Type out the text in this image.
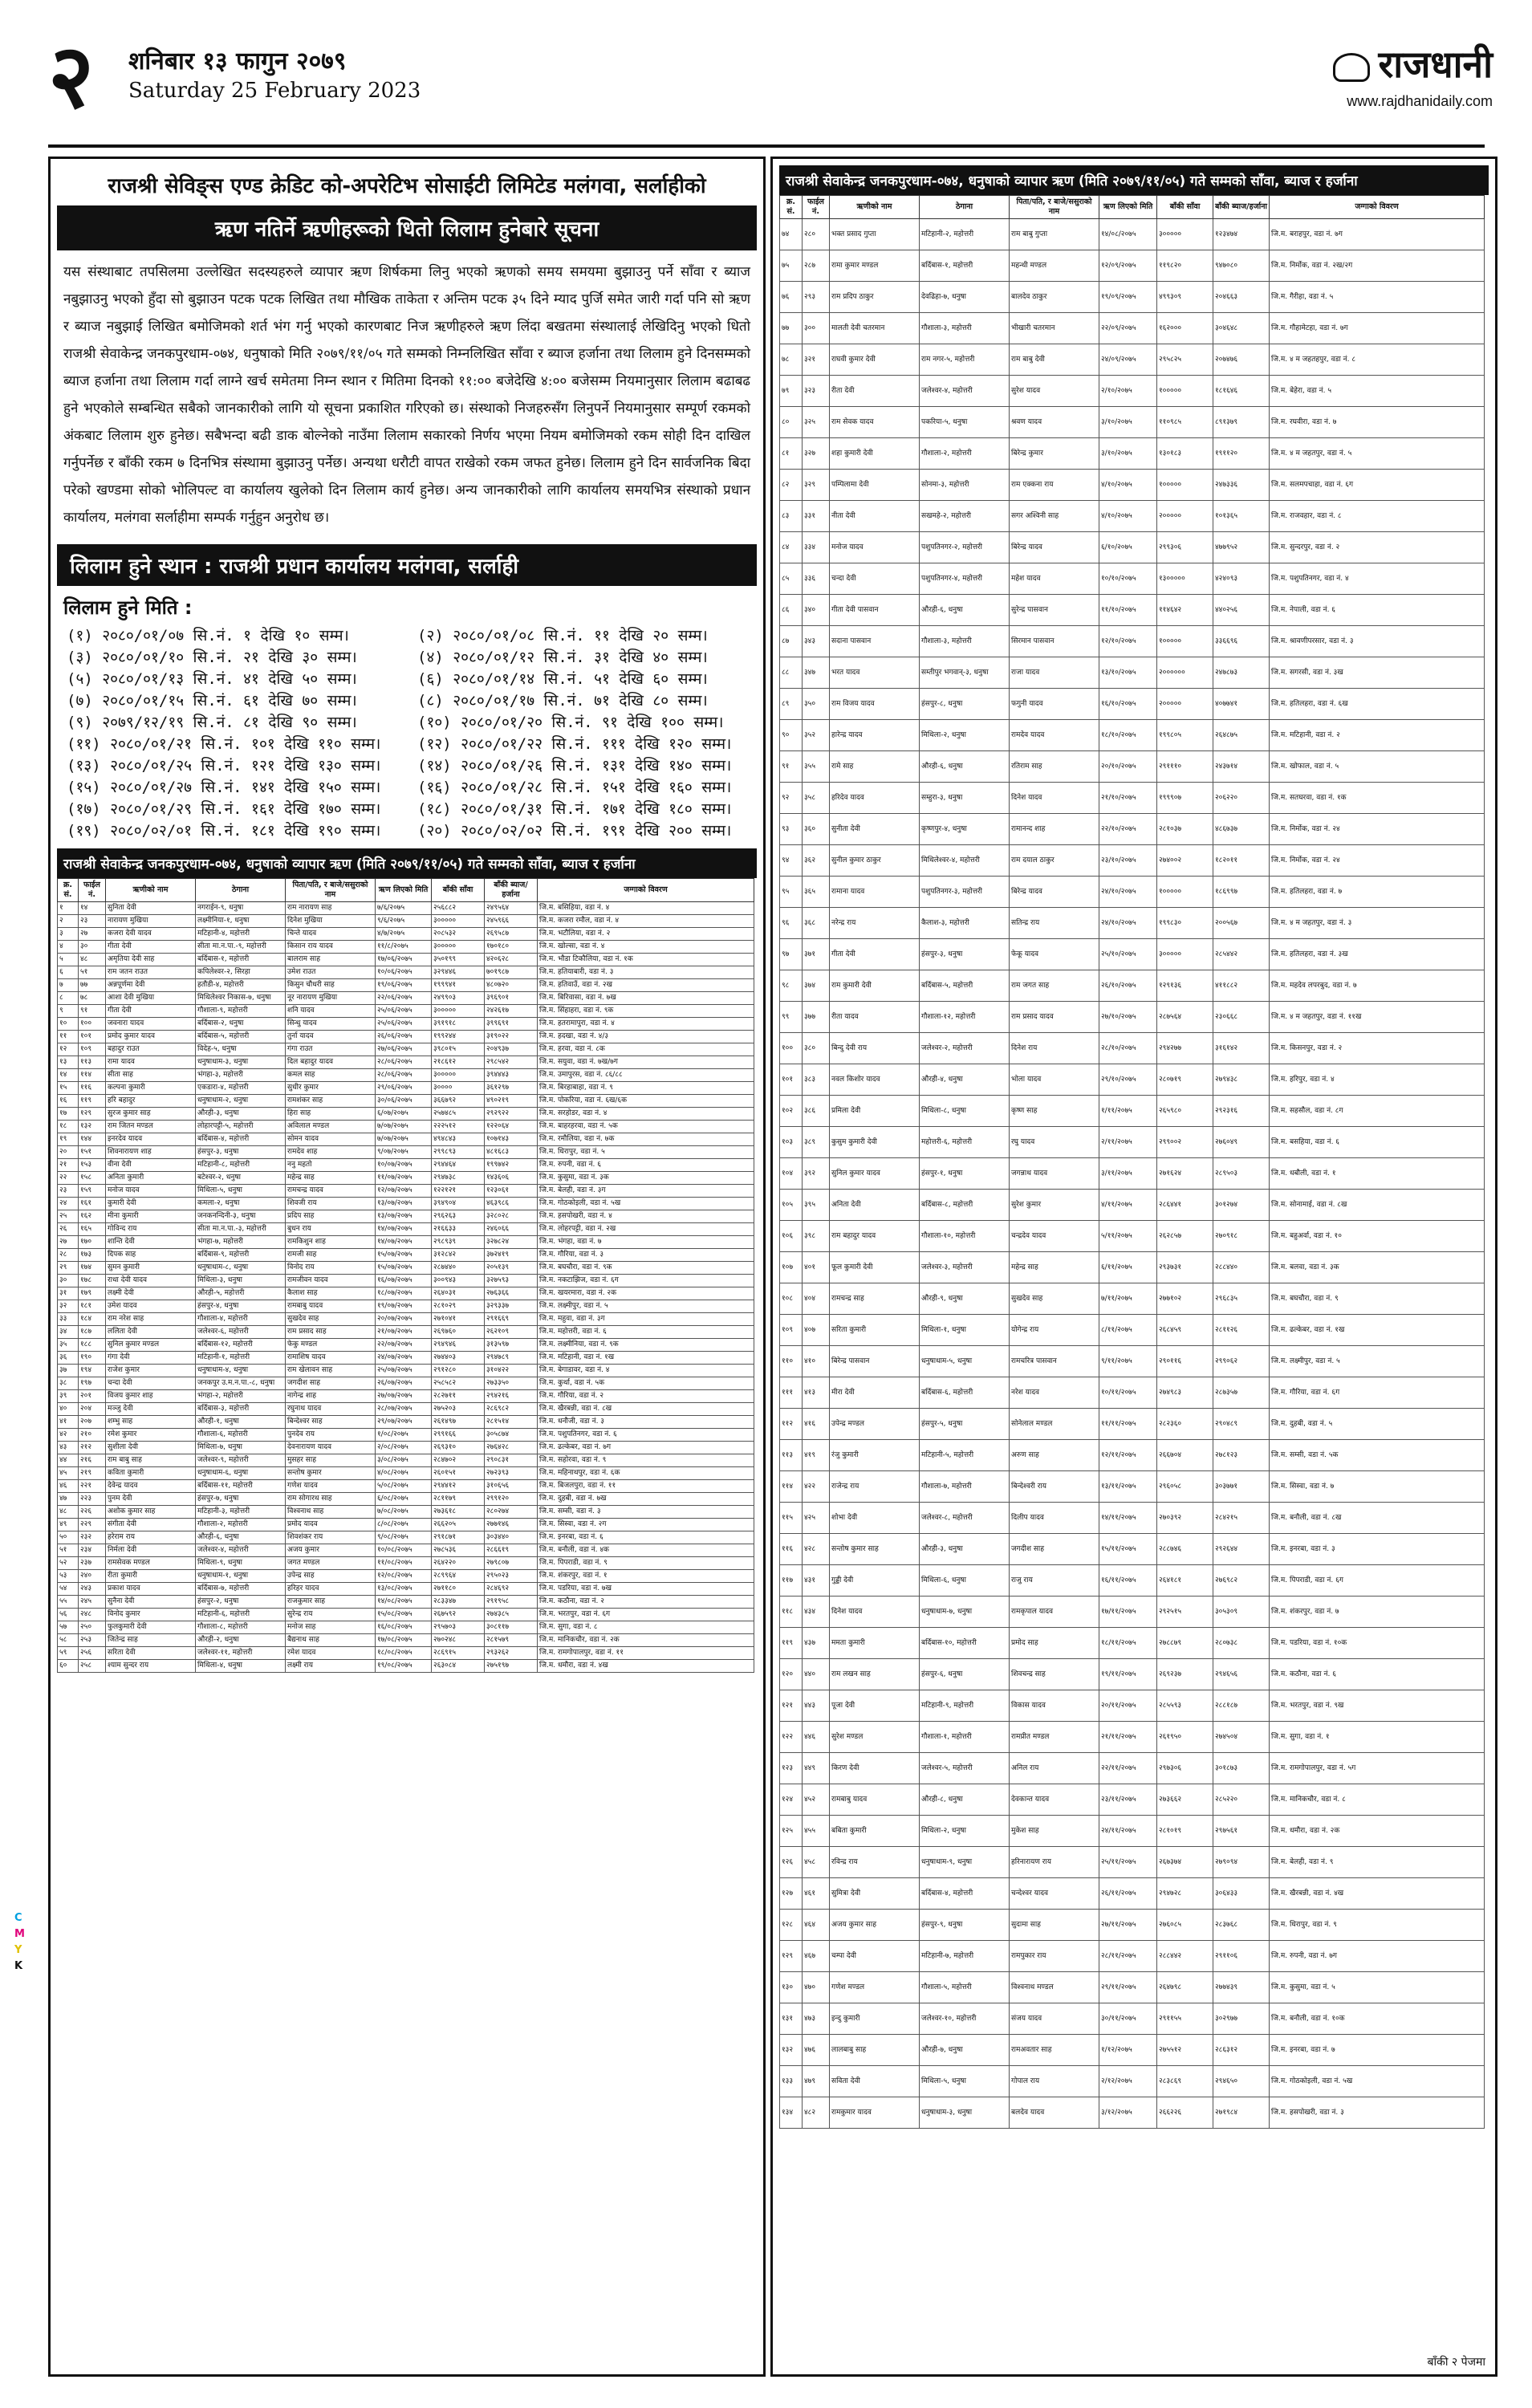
२ शनिबार १३ फागुन २०७९
Saturday 25 February 2023
राजधानी
www.rajdhanidaily.com
C
M
Y
K
राजश्री सेविङ्स एण्ड क्रेडिट को-अपरेटिभ सोसाईटी लिमिटेड मलंगवा, सर्लाहीको
ऋण नतिर्ने ऋणीहरूको धितो लिलाम हुनेबारे सूचना
यस संस्थाबाट तपसिलमा उल्लेखित सदस्यहरुले व्यापार ऋण शिर्षकमा लिनु भएको ऋणको समय समयमा बुझाउनु पर्ने साँवा र ब्याज नबुझाउनु भएको हुँदा सो बुझाउन पटक पटक लिखित तथा मौखिक ताकेता र अन्तिम पटक ३५ दिने म्याद पुर्जि समेत जारी गर्दा पनि सो ऋण र ब्याज नबुझाई लिखित बमोजिमको शर्त भंग गर्नु भएको कारणबाट निज ऋणीहरुले ऋण लिंदा बखतमा संस्थालाई लेखिदिनु भएको धितो राजश्री सेवाकेन्द्र जनकपुरधाम-०७४, धनुषाको मिति २०७९/११/०५ गते सम्मको निम्नलिखित साँवा र ब्याज हर्जाना तथा लिलाम हुने दिनसम्मको ब्याज हर्जाना तथा लिलाम गर्दा लाग्ने खर्च समेतमा निम्न स्थान र मितिमा दिनको ११:०० बजेदेखि ४:०० बजेसम्म नियमानुसार लिलाम बढाबढ हुने भएकोले सम्बन्धित सबैको जानकारीको लागि यो सूचना प्रकाशित गरिएको छ। संस्थाको निजहरुसँग लिनुपर्ने नियमानुसार सम्पूर्ण रकमको अंकबाट लिलाम शुरु हुनेछ। सबैभन्दा बढी डाक बोल्नेको नाउँमा लिलाम सकारको निर्णय भएमा नियम बमोजिमको रकम सोही दिन दाखिल गर्नुपर्नेछ र बाँकी रकम ७ दिनभित्र संस्थामा बुझाउनु पर्नेछ। अन्यथा धरौटी वापत राखेको रकम जफत हुनेछ। लिलाम हुने दिन सार्वजनिक बिदा परेको खण्डमा सोको भोलिपल्ट वा कार्यालय खुलेको दिन लिलाम कार्य हुनेछ। अन्य जानकारीको लागि कार्यालय समयभित्र संस्थाको प्रधान कार्यालय, मलंगवा सर्लाहीमा सम्पर्क गर्नुहुन अनुरोध छ।
लिलाम हुने स्थान : राजश्री प्रधान कार्यालय मलंगवा, सर्लाही
लिलाम हुने मिति :
(१) २०८०/०१/०७ सि.नं. १ देखि १० सम्म।	(२) २०८०/०१/०८ सि.नं. ११ देखि २० सम्म।
(३) २०८०/०१/१० सि.नं. २१ देखि ३० सम्म।	(४) २०८०/०१/१२ सि.नं. ३१ देखि ४० सम्म।
(५) २०८०/०१/१३ सि.नं. ४१ देखि ५० सम्म।	(६) २०८०/०१/१४ सि.नं. ५१ देखि ६० सम्म।
(७) २०८०/०१/१५ सि.नं. ६१ देखि ७० सम्म।	(८) २०८०/०१/१७ सि.नं. ७१ देखि ८० सम्म।
(९) २०७९/१२/१९ सि.नं. ८१ देखि ९० सम्म।	(१०) २०८०/०१/२० सि.नं. ९१ देखि १०० सम्म।
(११) २०८०/०१/२१ सि.नं. १०१ देखि ११० सम्म।	(१२) २०८०/०१/२२ सि.नं. १११ देखि १२० सम्म।
(१३) २०८०/०१/२५ सि.नं. १२१ देखि १३० सम्म।	(१४) २०८०/०१/२६ सि.नं. १३१ देखि १४० सम्म।
(१५) २०८०/०१/२७ सि.नं. १४१ देखि १५० सम्म।	(१६) २०८०/०१/२८ सि.नं. १५१ देखि १६० सम्म।
(१७) २०८०/०१/२९ सि.नं. १६१ देखि १७० सम्म।	(१८) २०८०/०१/३१ सि.नं. १७१ देखि १८० सम्म।
(१९) २०८०/०२/०१ सि.नं. १८१ देखि १९० सम्म।	(२०) २०८०/०२/०२ सि.नं. १९१ देखि २०० सम्म।
राजश्री सेवाकेन्द्र जनकपुरधाम-०७४, धनुषाको व्यापार ऋण (मिति २०७९/११/०५) गते सम्मको साँवा, ब्याज र हर्जाना
क्र. सं.	फाईल नं.	ऋणीको नाम	ठेगाना	पिता/पति, र बाजे/ससुराको नाम	ऋण लिएको मिति	बाँकी साँवा	बाँकी ब्याज/हर्जाना	जग्गाको विवरण
१	१४	सुनिता देवी	नगराईन-९, धनुषा	राम नारायण साह	७/६/२०७५	२५६८८२	२४९५६४	जि.म. बसिहिया, वडा नं. ४
२	२३	नारायण मुखिया	लक्ष्मीनिया-१, धनुषा	दिनेश मुखिया	९/६/२०७५	३०००००	२४५९६६	जि.म. कजरा रमौल, वडा नं. ४
३	२७	कजरा देवी यादव	मटिहानी-४, महोत्तरी	चिन्ते यादव	४/७/२०७५	२०८५३२	२६९५८७	जि.म. भटौलिया, वडा नं. २
४	३०	गीता देवी	सीता मा.न.पा.-९, महोत्तरी	किसान राय यादव	११/८/२०७५	३०००००	१७०१८०	जि.म. खोल्सा, वडा नं. ४
५	४८	अमृतिया देवी साह	बर्दिबास-१, महोत्तरी	बालराम साह	१७/०६/२०७५	३५०१९९	४२०६२८	जि.म. भौडा टिकौलिया, वडा नं. १क
६	५१	राम जतन राउत	कपिलेश्वर-२, सिरहा	उमेश राउत	१०/०६/२०७५	३२९४४६	७०१९८७	जि.म. हतियाबारी, वडा नं. ३
७	७७	अन्नपूर्णमा देवी	हतौडी-४, महोत्तरी	किसुन चौधरी साह	१९/०६/२०७५	१९९९४१	४८०७२०	जि.म. हतिवाउँ, वडा नं. २ख
८	७८	आशा देवी मुखिया	मिथिलेश्वर निकास-७, धनुषा	नूर नारायण मुखिया	२२/०६/२०७५	२४९९०३	३९६९०१	जि.म. बिरिवासा, वडा नं. ७ख
९	९१	गीता देवी	गौशाला-९, महोत्तरी	शनि यादव	२५/०६/२०७५	३०००००	२४२६१७	जि.म. सिंहाहरा, वडा नं. ९क
१०	१००	जवनारा यादव	बर्दिबास-२, धनुषा	सिन्धु यादव	२५/०६/२०७५	३९१९१८	३९९६९१	जि.म. हतरामापुरा, वडा नं. ४
११	१०१	प्रमोद कुमार यादव	बर्दिबास-५, महोत्तरी	तुर्ना यादव	२६/०६/२०७५	१९९२४४	३१९०२२	जि.म. हदखा, वडा नं. ४/३
१२	१०९	बहादुर राउत	विदेह-५, धनुषा	गंगा राउत	२७/०६/२०७५	३९८०१५	२०४९३७	जि.म. हरवा, वडा नं. ८क
१३	११३	रामा यादव	धनुषाधाम-३, धनुषा	दिल बहादुर यादव	२८/०६/२०७५	२१८६१२	२९८५४२	जि.म. सयुवा, वडा नं. ७ख/७ग
१४	११४	सीता साह	भंगहा-३, महोत्तरी	कमल साह	२८/०६/२०७५	३०००००	३९४४४३	जि.म. उमापुरस, वडा नं. ८६/८८
१५	११६	कल्पना कुमारी	एकडारा-४, महोत्तरी	सुधीर कुमार	२९/०६/२०७५	३००००	३६१२९७	जि.म. बिरहाबाहा, वडा नं. ९
१६	११९	हरि बहादुर	धनुषाधाम-२, धनुषा	रामशंकर साह	३०/०६/२०७५	३६६७९२	४९०२१९	जि.म. पोकरिया, वडा नं. ६ख/६क
१७	१२९	सुरज कुमार साह	औरही-३, धनुषा	हिरा साह	६/०७/२०७५	२५७४८५	२९२९२२	जि.म. सरहोडर, वडा नं. ४
१८	१३२	राम जितन मण्डल	लोहारपट्टी-५, महोत्तरी	अविलाल मण्डल	७/०७/२०७५	२२२५१२	१२२०६४	जि.म. बाहरहरवा, वडा नं. ५क
१९	१४४	इनरदेव यादव	बर्दिबास-४, महोत्तरी	सोमन यादव	७/०७/२०७५	४९४८४३	१०७१४३	जि.म. रमौलिया, वडा नं. ७क
२०	१५१	शिवनारायण शाह	हंसपुर-३, धनुषा	रामदेव शाह	९/०७/२०७५	२९९८९३	४८१६८३	जि.म. धिरापुर, वडा नं. ५
२१	१५३	वीना देवी	मटिहानी-८, महोत्तरी	ननु महतो	१०/०७/२०७५	२९४४६४	१९९७४२	जि.म. रुपनी, वडा नं. ६
२२	१५८	अनिता कुमारी	बटेश्वर-२, धनुषा	महेन्द्र साह	११/०७/२०७५	२९४७३८	१४३६०६	जि.म. कुसुमा, वडा नं. ३क
२३	१५९	मनोज यादव	मिथिला-५, धनुषा	रामचन्द्र यादव	१२/०७/२०७५	१२२१२१	१२३०६१	जि.म. बेलही, वडा नं. ३ग
२४	१६१	कुमारी देवी	कमला-२, धनुषा	शिवजी राय	१३/०७/२०७५	३९४९०४	४६३९८६	जि.म. गोठकोइली, वडा नं. ५ख
२५	१६२	मीना कुमारी	जनकनन्दिनी-३, धनुषा	प्रदिप साह	१३/०७/२०७५	२९६२६३	३२८०२८	जि.म. हसपोखरी, वडा नं. ४
२६	१६५	गोविन्द राय	सीता मा.न.पा.-३, महोत्तरी	बुधन राय	१४/०७/२०७५	२१६६३३	२४६०६६	जि.म. लोहरपट्टी, वडा नं. २ख
२७	१७०	शान्ति देवी	भंगहा-७, महोत्तरी	रामकिशुन शाह	१४/०७/२०७५	२९८९३९	३२७८२४	जि.म. भंगहा, वडा नं. ७
२८	१७३	दिपक साह	बर्दिबास-९, महोत्तरी	रामजी साह	१५/०७/२०७५	३१२८४२	३७२४१९	जि.म. गौरिया, वडा नं. ३
२९	१७४	सुमन कुमारी	धनुषाधाम-८, धनुषा	विनोद राय	१५/०७/२०७५	२८७४४०	२०५१३९	जि.म. बघचौरा, वडा नं. ९क
३०	१७८	राधा देवी यादव	मिथिला-३, धनुषा	रामजीवन यादव	१६/०७/२०७५	३००९४३	३२७५९३	जि.म. नकटाझिज, वडा नं. ६ग
३१	१७९	लक्ष्मी देवी	औरही-५, महोत्तरी	कैलाश साह	१८/०७/२०७५	२६४०३१	२७६३६६	जि.म. खयरमारा, वडा नं. २क
३२	१८१	उमेश यादव	हंसपुर-४, धनुषा	रामबाबु यादव	१९/०७/२०७५	२८१०२९	३२९३३७	जि.म. लक्ष्मीपुर, वडा नं. ५
३३	१८४	राम नरेश साह	गौशाला-४, महोत्तरी	सुखदेव साह	२०/०७/२०७५	२७१०४१	२९१६६९	जि.म. महुवा, वडा नं. ३ग
३४	१८७	ललिता देवी	जलेश्वर-६, महोत्तरी	राम प्रसाद साह	२१/०७/२०७५	२६९७६०	२६२१०९	जि.म. महोत्तरी, वडा नं. ६
३५	१८८	सुनिल कुमार मण्डल	बर्दिबास-१२, महोत्तरी	फेकु मण्डल	२२/०७/२०७५	२९४९४६	३१३५९७	जि.म. लक्ष्मीनिया, वडा नं. ९क
३६	१९०	गंगा देवी	मटिहानी-१, महोत्तरी	रामाशिष यादव	२४/०७/२०७५	२७४४०३	२९४७८९	जि.म. मटिहानी, वडा नं. १ख
३७	१९४	राजेश कुमार	धनुषाधाम-४, धनुषा	राम खेलावन साह	२५/०७/२०७५	२९१२८०	३१०४२२	जि.म. बेगाडावर, वडा नं. ४
३८	१९७	चन्दा देवी	जनकपुर उ.म.न.पा.-८, धनुषा	जगदीश साह	२६/०७/२०७५	२५८५८२	२७३३५०	जि.म. कुर्था, वडा नं. ५क
३९	२०१	विजय कुमार शाह	भंगहा-२, महोत्तरी	नागेन्द्र शाह	२७/०७/२०७५	२८२७११	२९४२१६	जि.म. गौरिया, वडा नं. २
४०	२०४	मञ्जु देवी	बर्दिबास-३, महोत्तरी	रघुनाथ यादव	२८/०७/२०७५	२७५२०३	२८६९८२	जि.म. खैरबन्नी, वडा नं. ८ख
४१	२०७	शम्भु साह	औरही-१, धनुषा	बिन्देश्वर साह	२९/०७/२०७५	२६१४९७	२८१५१४	जि.म. धनौजी, वडा नं. ३
४२	२१०	रमेश कुमार	गौशाला-६, महोत्तरी	पुनदेव राय	१/०८/२०७५	२९९१६६	३०५८७४	जि.म. पशुपतिनगर, वडा नं. ६
४३	२१२	सुशीला देवी	मिथिला-७, धनुषा	देवनारायण यादव	२/०८/२०७५	२६९३१०	२७६४२८	जि.म. ढल्केबर, वडा नं. ७ग
४४	२१६	राम बाबु साह	जलेश्वर-९, महोत्तरी	मुसहर साह	३/०८/२०७५	२८४७०२	२९०८३१	जि.म. सहोरवा, वडा नं. ९
४५	२१९	कविता कुमारी	धनुषाधाम-६, धनुषा	सन्तोष कुमार	४/०८/२०७५	२६०१५१	२७२३९३	जि.म. महिनाथपुर, वडा नं. ६क
४६	२२१	देवेन्द्र यादव	बर्दिबास-११, महोत्तरी	गणेश यादव	५/०८/२०७५	२९४४१२	३१०६५६	जि.म. बिजलपुरा, वडा नं. ११
४७	२२३	पुनम देवी	हंसपुर-७, धनुषा	राम सोगारथ साह	६/०८/२०७५	२८११७९	२९९१२०	जि.म. दुहबी, वडा नं. ७ख
४८	२२६	अशोक कुमार साह	मटिहानी-३, महोत्तरी	विश्वनाथ साह	७/०८/२०७५	२७३६१८	२८०२७४	जि.म. सम्सी, वडा नं. ३
४९	२२९	संगीता देवी	गौशाला-२, महोत्तरी	प्रमोद यादव	८/०८/२०७५	२६६२०५	२७७१४६	जि.म. सिस्वा, वडा नं. २ग
५०	२३२	हरेराम राय	औरही-६, धनुषा	शिवशंकर राय	९/०८/२०७५	२९१८७१	३०३४४०	जि.म. इनरबा, वडा नं. ६
५१	२३४	निर्मला देवी	जलेश्वर-४, महोत्तरी	अजय कुमार	१०/०८/२०७५	२७८५३६	२८६६१९	जि.म. बनौली, वडा नं. ४क
५२	२३७	रामसेवक मण्डल	मिथिला-९, धनुषा	जगत मण्डल	११/०८/२०७५	२६४२२०	२७९८०७	जि.म. पिपराडी, वडा नं. ९
५३	२४०	रीता कुमारी	धनुषाधाम-१, धनुषा	उपेन्द्र साह	१२/०८/२०७५	२८९९६४	२९५०२३	जि.म. शंकरपुर, वडा नं. १
५४	२४३	प्रकाश यादव	बर्दिबास-७, महोत्तरी	हरिहर यादव	१३/०८/२०७५	२७११८०	२८४६९२	जि.म. पडरिया, वडा नं. ७ख
५५	२४५	सुनैना देवी	हंसपुर-२, धनुषा	राजकुमार साह	१४/०८/२०७५	२८३३४७	२९१९५८	जि.म. कठौना, वडा नं. २
५६	२४८	विनोद कुमार	मटिहानी-६, महोत्तरी	सुरेन्द्र राय	१५/०८/२०७५	२६७५९२	२७४३८५	जि.म. भरतपुर, वडा नं. ६ग
५७	२५०	फुलकुमारी देवी	गौशाला-८, महोत्तरी	मनोज साह	१६/०८/२०७५	२९५७०३	३०८११७	जि.म. सुगा, वडा नं. ८
५८	२५३	जितेन्द्र साह	औरही-२, धनुषा	बैद्यनाथ साह	१७/०८/२०७५	२७०२४८	२८१५७९	जि.म. मानिकचौर, वडा नं. २क
५९	२५६	सरिता देवी	जलेश्वर-११, महोत्तरी	रमेश यादव	१८/०८/२०७५	२८६९१५	२९३२६२	जि.म. रामगोपालपुर, वडा नं. ११
६०	२५८	श्याम सुन्दर राय	मिथिला-४, धनुषा	लक्ष्मी राय	१९/०८/२०७५	२६३०८४	२७५१९७	जि.म. धमौरा, वडा नं. ४ख
राजश्री सेवाकेन्द्र जनकपुरधाम-०७४, धनुषाको व्यापार ऋण (मिति २०७९/११/०५) गते सम्मको साँवा, ब्याज र हर्जाना
क्र. सं.	फाईल नं.	ऋणीको नाम	ठेगाना	पिता/पति, र बाजे/ससुराको नाम	ऋण लिएको मिति	बाँकी साँवा	बाँकी ब्याज/हर्जाना	जग्गाको विवरण
७४	२८०	भक्त प्रसाद गुप्ता	मटिहानी-२, महोत्तरी	राम बाबु गुप्ता	१४/०८/२०७५	३०००००	१२३४७४	जि.म. बराहपुर, वडा नं. ७ग
७५	२८७	रामा कुमार मण्डल	बर्दिबास-१, महोत्तरी	महन्थी मण्डल	१२/०९/२०७५	११९८२०	९४७०८०	जि.म. निर्मोक, वडा नं. २ख/२ग
७६	२९३	राम प्रदिप ठाकुर	देवढिहा-७, धनुषा	बालदेव ठाकुर	१९/०९/२०७५	४९९३०९	२०४६६३	जि.म. गैरीहा, वडा नं. ५
७७	३००	मालती देवी चतरमान	गौशाला-३, महोत्तरी	भीखारी चतरमान	२२/०९/२०७५	१६२०००	३०४६४८	जि.म. गौहामेटहा, वडा नं. ७ग
७८	३२१	राघवी कुमार देवी	राम नगर-५, महोत्तरी	राम बाबु देवी	२४/०९/२०७५	२९५८२५	२०७४७६	जि.म. ४ म जहतहपुर, वडा नं. ८
७९	३२३	रीता देवी	जलेश्वर-४, महोत्तरी	सुरेश यादव	२/१०/२०७५	१०००००	१८१६४६	जि.म. बेहेरा, वडा नं. ५
८०	३२५	राम सेवक यादव	पकरिया-५, धनुषा	श्रवण यादव	३/१०/२०७५	११०९८५	८९१३७९	जि.म. रघवीरा, वडा नं. ७
८१	३२७	शहा कुमारी देवी	गौशाला-२, महोत्तरी	बिरेन्द्र कुमार	३/१०/२०७५	१३०१८३	१९११२०	जि.म. ४ म जहतपुर, वडा नं. ५
८२	३२९	पम्पिलामा देवी	सोनमा-३, महोत्तरी	राम एक्कना राय	४/१०/२०७५	१०००००	२४७३३६	जि.म. सलमपचाहा, वडा नं. ६ग
८३	३३१	नीता देवी	सखमहे-२, महोत्तरी	सगर अश्विनी साह	४/१०/२०७५	२०००००	१०१३६५	जि.म. राजवहार, वडा नं. ८
८४	३३४	मनोज यादव	पशुपतिनगर-२, महोत्तरी	बिरेन्द्र यादव	६/१०/२०७५	२९९३०६	४७७९५२	जि.म. सुन्दरपुर, वडा नं. २
८५	३३६	चन्दा देवी	पशुपतिनगर-४, महोत्तरी	महेश यादव	१०/१०/२०७५	१३०००००	४२४०९३	जि.म. पशुपतिनगर, वडा नं. ४
८६	३४०	गीता देवी पासवान	औरही-६, धनुषा	सुरेन्द्र पासवान	११/१०/२०७५	११४६४२	४४०२५६	जि.म. नेपाली, वडा नं. ६
८७	३४३	सदाना पासवान	गौशाला-३, महोत्तरी	सिरमान पासवान	१२/१०/२०७५	१०००००	३३६६९६	जि.म. श्रावणीपरसार, वडा नं. ३
८८	३४७	भरत यादव	सम्तीपुर भगवान्-३, धनुषा	राजा यादव	१३/१०/२०७५	२००००००	२४७८७३	जि.म. सगरसी, वडा नं. ३ख
८९	३५०	राम विजय यादव	हंसपुर-८, धनुषा	फगुनी यादव	१६/१०/२०७५	२०००००	४०७७४१	जि.म. हतिलहरा, वडा नं. ६ख
९०	३५२	हारेन्द्र यादव	मिथिला-२, धनुषा	रामदेव यादव	१८/१०/२०७५	१९९८०५	२६४८७५	जि.म. मटिहानी, वडा नं. २
९१	३५५	रामे साह	औरही-६, धनुषा	रतिराम साह	२०/१०/२०७५	२९१११०	२४३७१४	जि.म. खोफाल, वडा नं. ५
९२	३५८	हरिदेव यादव	सम्हुरा-३, धनुषा	दिनेश यादव	२१/१०/२०७५	१९९९०७	२०६२२०	जि.म. सतघरवा, वडा नं. १क
९३	३६०	सुनीता देवी	कृष्णपुर-४, धनुषा	रामानन्द शाह	२२/१०/२०७५	२८१०३७	४८६७३७	जि.म. निर्मोक, वडा नं. २४
९४	३६२	सुनील कुमार ठाकुर	मिथिलेश्वर-४, महोत्तरी	राम दयाल ठाकुर	२३/१०/२०७५	२७४००२	१८२०११	जि.म. निर्मोक, वडा नं. २४
९५	३६५	रामाना यादव	पशुपतिनगर-३, महोत्तरी	बिरेन्द्र यादव	२४/१०/२०७५	१०००००	१८६९९७	जि.म. हतिलहरा, वडा नं. ७
९६	३६८	नरेन्द्र राय	कैलाश-३, महोत्तरी	सतिन्द्र राय	२४/१०/२०७५	१९९८३०	२००५६७	जि.म. ४ म जहतपुर, वडा नं. ३
९७	३७१	गीता देवी	हंसपुर-३, धनुषा	फेकू यादव	२५/१०/२०७५	३०००००	२८५४४२	जि.म. हतिलहरा, वडा नं. ३ख
९८	३७४	राम कुमारी देवी	बर्दिबास-५, महोत्तरी	राम जगत साह	२६/१०/२०७५	१२९१३६	४११८८२	जि.म. महदेव लपरबुद, वडा नं. ७
९९	३७७	रीता यादव	गौशाला-१२, महोत्तरी	राम प्रसाद यादव	२७/१०/२०७५	२८७५६४	२३०६६८	जि.म. ४ म जहतपुर, वडा नं. ११ख
१००	३८०	बिन्दु देवी राय	जलेश्वर-२, महोत्तरी	दिनेश राय	२८/१०/२०७५	२९४२७७	३१६१४२	जि.म. किसनपुर, वडा नं. २
१०१	३८३	नवल किशोर यादव	औरही-४, धनुषा	भोला यादव	२९/१०/२०७५	२८०७१९	२७९४३८	जि.म. हरिपुर, वडा नं. ४
१०२	३८६	प्रमिला देवी	मिथिला-८, धनुषा	कृष्ण साह	१/११/२०७५	२६५९८०	२९२३१६	जि.म. सहसौल, वडा नं. ८ग
१०३	३८९	कुसुम कुमारी देवी	महोत्तरी-६, महोत्तरी	रघु यादव	२/११/२०७५	२९९००२	२७६०४९	जि.म. बसहिया, वडा नं. ६
१०४	३९२	सुनिल कुमार यादव	हंसपुर-१, धनुषा	जगन्नाथ यादव	३/११/२०७५	२७१६२४	२८९५०३	जि.म. धबौली, वडा नं. १
१०५	३९५	अनिता देवी	बर्दिबास-८, महोत्तरी	सुरेश कुमार	४/११/२०७५	२८६४४१	३०१२७४	जि.म. सोनामाई, वडा नं. ८ख
१०६	३९८	राम बहादुर यादव	गौशाला-१०, महोत्तरी	चन्द्रदेव यादव	५/११/२०७५	२६२८५७	२७०९१८	जि.म. बहुअर्वा, वडा नं. १०
१०७	४०१	फूल कुमारी देवी	जलेश्वर-३, महोत्तरी	महेन्द्र साह	६/११/२०७५	२९३७३१	२८८४४०	जि.म. बलवा, वडा नं. ३क
१०८	४०४	रामचन्द्र साह	औरही-९, धनुषा	सुखदेव साह	७/११/२०७५	२७७१०२	२९६८३५	जि.म. बघचौरा, वडा नं. ९
१०९	४०७	सरिता कुमारी	मिथिला-१, धनुषा	योगेन्द्र राय	८/११/२०७५	२६८४५९	२८११२६	जि.म. ढल्केबर, वडा नं. १ख
११०	४१०	बिरेन्द्र पासवान	धनुषाधाम-५, धनुषा	रामचरित्र पासवान	९/११/२०७५	२९०११६	२९९०६२	जि.म. लक्ष्मीपुर, वडा नं. ५
१११	४१३	मीरा देवी	बर्दिबास-६, महोत्तरी	नरेश यादव	१०/११/२०७५	२७४९८३	२८७३५७	जि.म. गौरिया, वडा नं. ६ग
११२	४१६	उपेन्द्र मण्डल	हंसपुर-५, धनुषा	सोनेलाल मण्डल	११/११/२०७५	२८२३६०	२९०४८९	जि.म. दुहबी, वडा नं. ५
११३	४१९	रंजु कुमारी	मटिहानी-५, महोत्तरी	अरुण साह	१२/११/२०७५	२६६७०४	२७८१२३	जि.म. सम्सी, वडा नं. ५क
११४	४२२	राजेन्द्र राय	गौशाला-७, महोत्तरी	बिन्देश्वरी राय	१३/११/२०७५	२९६०५८	३०३७७१	जि.म. सिस्वा, वडा नं. ७
११५	४२५	शोभा देवी	जलेश्वर-८, महोत्तरी	दिलीप यादव	१४/११/२०७५	२७०३९२	२८४२१५	जि.म. बनौली, वडा नं. ८ख
११६	४२८	सन्तोष कुमार साह	औरही-३, धनुषा	जगदीश साह	१५/११/२०७५	२८८७४६	२९२६४४	जि.म. इनरबा, वडा नं. ३
११७	४३१	गुड्डी देवी	मिथिला-६, धनुषा	राजु राय	१६/११/२०७५	२६४१८१	२७६९८२	जि.म. पिपराडी, वडा नं. ६ग
११८	४३४	दिनेश यादव	धनुषाधाम-७, धनुषा	रामकृपाल यादव	१७/११/२०७५	२९२५१५	३०५३०९	जि.म. शंकरपुर, वडा नं. ७
११९	४३७	ममता कुमारी	बर्दिबास-१०, महोत्तरी	प्रमोद साह	१८/११/२०७५	२७८८७९	२८०७३८	जि.म. पडरिया, वडा नं. १०क
१२०	४४०	राम लखन साह	हंसपुर-६, धनुषा	शिवचन्द्र साह	१९/११/२०७५	२६९२३७	२९४६५६	जि.म. कठौना, वडा नं. ६
१२१	४४३	पूजा देवी	मटिहानी-९, महोत्तरी	विकास यादव	२०/११/२०७५	२८५५९३	२८८१८७	जि.म. भरतपुर, वडा नं. ९ख
१२२	४४६	सुरेश मण्डल	गौशाला-१, महोत्तरी	रामप्रीत मण्डल	२१/११/२०७५	२६१९५०	२७४५०४	जि.म. सुगा, वडा नं. १
१२३	४४९	किरण देवी	जलेश्वर-५, महोत्तरी	अनिल राय	२२/११/२०७५	२९७३०६	३०१८७३	जि.म. रामगोपालपुर, वडा नं. ५ग
१२४	४५२	रामबाबु यादव	औरही-८, धनुषा	देवकान्त यादव	२३/११/२०७५	२७३६६२	२८५२२०	जि.म. मानिकचौर, वडा नं. ८
१२५	४५५	बबिता कुमारी	मिथिला-२, धनुषा	मुकेश साह	२४/११/२०७५	२८१०१९	२९७५६१	जि.म. धमौरा, वडा नं. २क
१२६	४५८	रविन्द्र राय	धनुषाधाम-९, धनुषा	हरिनारायण राय	२५/११/२०७५	२६७३७४	२७९०९४	जि.म. बेलही, वडा नं. ९
१२७	४६१	सुमित्रा देवी	बर्दिबास-४, महोत्तरी	चन्देश्वर यादव	२६/११/२०७५	२९४७२८	३०६४३३	जि.म. खैरबन्नी, वडा नं. ४ख
१२८	४६४	अजय कुमार साह	हंसपुर-९, धनुषा	सुदामा साह	२७/११/२०७५	२७६०८५	२८३७६८	जि.म. धिरापुर, वडा नं. ९
१२९	४६७	चम्पा देवी	मटिहानी-७, महोत्तरी	रामपुकार राय	२८/११/२०७५	२८८४४२	२९११०६	जि.म. रुपनी, वडा नं. ७ग
१३०	४७०	गणेश मण्डल	गौशाला-५, महोत्तरी	विश्वनाथ मण्डल	२९/११/२०७५	२६४७९८	२७७४३९	जि.म. कुसुमा, वडा नं. ५
१३१	४७३	इन्दु कुमारी	जलेश्वर-१०, महोत्तरी	संजय यादव	३०/११/२०७५	२९११५५	३०२९७७	जि.म. बनौली, वडा नं. १०क
१३२	४७६	लालबाबु साह	औरही-७, धनुषा	रामअवतार साह	१/१२/२०७५	२७५५१२	२८६३१२	जि.म. इनरबा, वडा नं. ७
१३३	४७९	सविता देवी	मिथिला-५, धनुषा	गोपाल राय	२/१२/२०७५	२८३८६९	२९४६५०	जि.म. गोठकोइली, वडा नं. ५ख
१३४	४८२	रामकुमार यादव	धनुषाधाम-३, धनुषा	बलदेव यादव	३/१२/२०७५	२६६२२६	२७१९८४	जि.म. हसपोखरी, वडा नं. ३
बाँकी २ पेजमा
